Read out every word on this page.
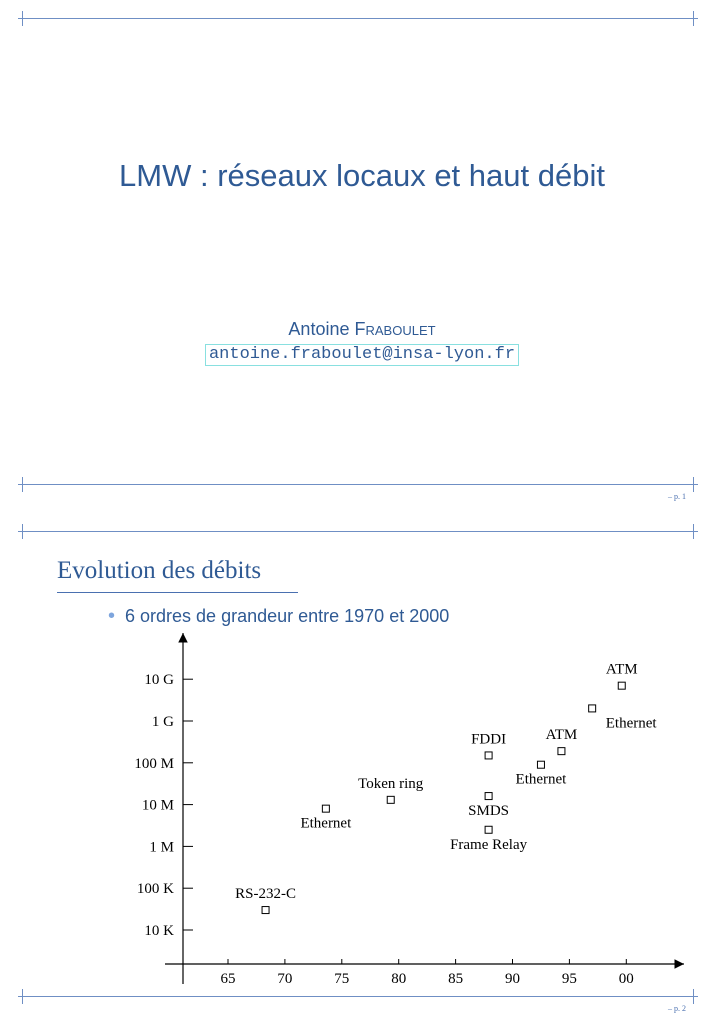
LMW : réseaux locaux et haut débit
Antoine Fraboulet
antoine.fraboulet@insa-lyon.fr
– p. 1
Evolution des débits
• 6 ordres de grandeur entre 1970 et 2000
65	70	75	80	85	90	95	00
10 K
100 K
1 M
10 M
100 M
1 G
10 G
RS-232-C
Ethernet
Token ring
FDDI
SMDS
Frame Relay
Ethernet
ATM
Ethernet
ATM
– p. 2
